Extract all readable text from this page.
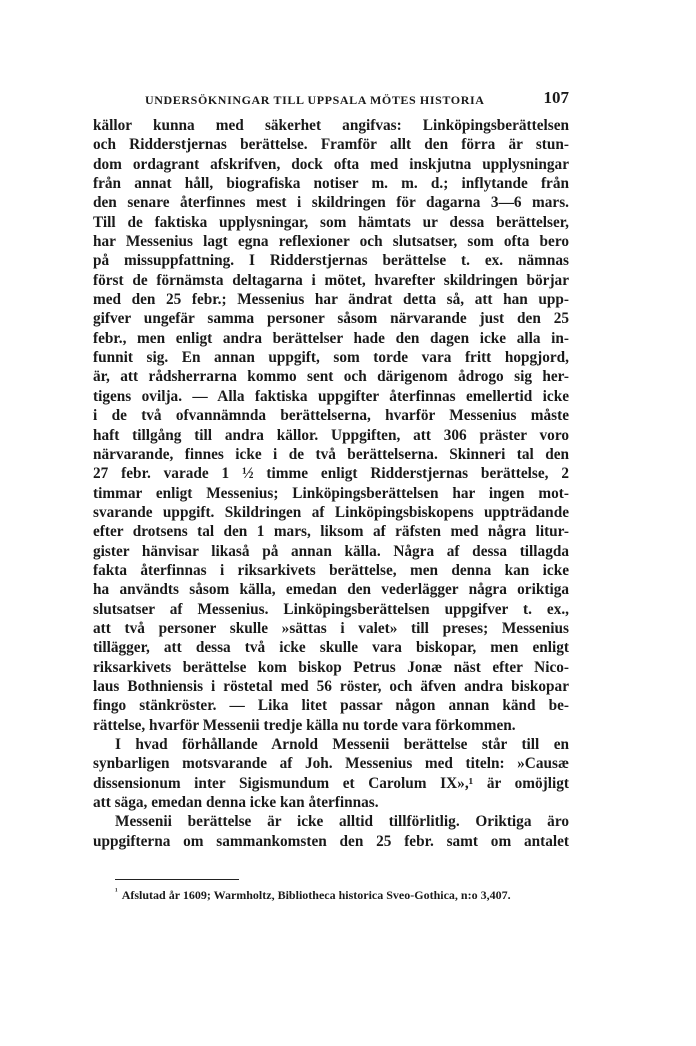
UNDERSÖKNINGAR TILL UPPSALA MÖTES HISTORIA	107
källor kunna med säkerhet angifvas: Linköpingsberättelsen
och Ridderstjernas berättelse. Framför allt den förra är stun-
dom ordagrant afskrifven, dock ofta med inskjutna upplysningar
från annat håll, biografiska notiser m. m. d.; inflytande från
den senare återfinnes mest i skildringen för dagarna 3—6 mars.
Till de faktiska upplysningar, som hämtats ur dessa berättelser,
har Messenius lagt egna reflexioner och slutsatser, som ofta bero
på missuppfattning. I Ridderstjernas berättelse t. ex. nämnas
först de förnämsta deltagarna i mötet, hvarefter skildringen börjar
med den 25 febr.; Messenius har ändrat detta så, att han upp-
gifver ungefär samma personer såsom närvarande just den 25
febr., men enligt andra berättelser hade den dagen icke alla in-
funnit sig. En annan uppgift, som torde vara fritt hopgjord,
är, att rådsherrarna kommo sent och därigenom ådrogo sig her-
tigens ovilja. — Alla faktiska uppgifter återfinnas emellertid icke
i de två ofvannämnda berättelserna, hvarför Messenius måste
haft tillgång till andra källor. Uppgiften, att 306 präster voro
närvarande, finnes icke i de två berättelserna. Skinneri tal den
27 febr. varade 1 ½ timme enligt Ridderstjernas berättelse, 2
timmar enligt Messenius; Linköpingsberättelsen har ingen mot-
svarande uppgift. Skildringen af Linköpingsbiskopens uppträdande
efter drotsens tal den 1 mars, liksom af räfsten med några litur-
gister hänvisar likaså på annan källa. Några af dessa tillagda
fakta återfinnas i riksarkivets berättelse, men denna kan icke
ha användts såsom källa, emedan den vederlägger några oriktiga
slutsatser af Messenius. Linköpingsberättelsen uppgifver t. ex.,
att två personer skulle »sättas i valet» till preses; Messenius
tillägger, att dessa två icke skulle vara biskopar, men enligt
riksarkivets berättelse kom biskop Petrus Jonæ näst efter Nico-
laus Bothniensis i röstetal med 56 röster, och äfven andra biskopar
fingo stänkröster. — Lika litet passar någon annan känd be-
rättelse, hvarför Messenii tredje källa nu torde vara förkommen.
I hvad förhållande Arnold Messenii berättelse står till en
synbarligen motsvarande af Joh. Messenius med titeln: »Causæ
dissensionum inter Sigismundum et Carolum IX»,¹ är omöjligt
att säga, emedan denna icke kan återfinnas.
Messenii berättelse är icke alltid tillförlitlig. Oriktiga äro
uppgifterna om sammankomsten den 25 febr. samt om antalet
$^{^1}$ Afslutad år 1609; Warmholtz, Bibliotheca historica Sveo-Gothica, n:o 3,407.
